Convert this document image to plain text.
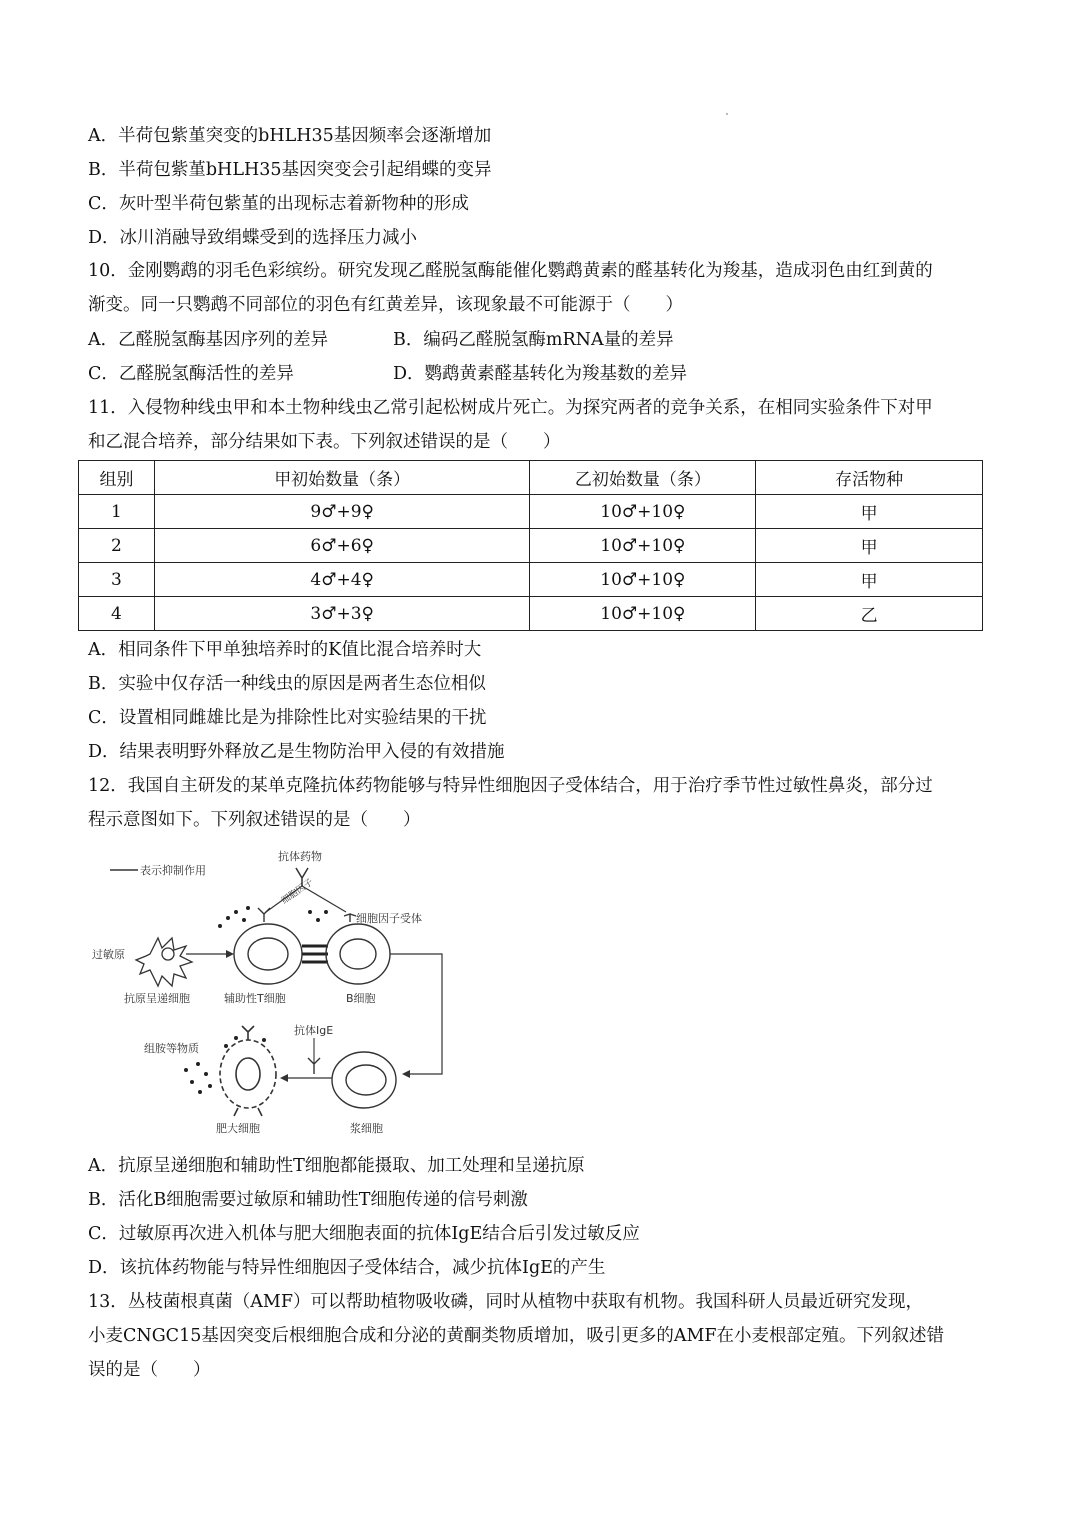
A．半荷包紫堇突变的bHLH35基因频率会逐渐增加
B．半荷包紫堇bHLH35基因突变会引起绢蝶的变异
C．灰叶型半荷包紫堇的出现标志着新物种的形成
D．冰川消融导致绢蝶受到的选择压力减小
10．金刚鹦鹉的羽毛色彩缤纷。研究发现乙醛脱氢酶能催化鹦鹉黄素的醛基转化为羧基，造成羽色由红到黄的
渐变。同一只鹦鹉不同部位的羽色有红黄差异，该现象最不可能源于（　　）
A．乙醛脱氢酶基因序列的差异	B．编码乙醛脱氢酶mRNA量的差异
C．乙醛脱氢酶活性的差异	D．鹦鹉黄素醛基转化为羧基数的差异
11．入侵物种线虫甲和本土物种线虫乙常引起松树成片死亡。为探究两者的竞争关系，在相同实验条件下对甲
和乙混合培养，部分结果如下表。下列叙述错误的是（　　）
组别	甲初始数量（条）	乙初始数量（条）	存活物种
1	9♂+9♀	10♂+10♀	甲
2	6♂+6♀	10♂+10♀	甲
3	4♂+4♀	10♂+10♀	甲
4	3♂+3♀	10♂+10♀	乙
A．相同条件下甲单独培养时的K值比混合培养时大
B．实验中仅存活一种线虫的原因是两者生态位相似
C．设置相同雌雄比是为排除性比对实验结果的干扰
D．结果表明野外释放乙是生物防治甲入侵的有效措施
12．我国自主研发的某单克隆抗体药物能够与特异性细胞因子受体结合，用于治疗季节性过敏性鼻炎，部分过
程示意图如下。下列叙述错误的是（　　）
表示抑制作用
抗体药物
细胞因子
细胞因子受体
过敏原
抗原呈递细胞	辅助性T细胞	B细胞
浆细胞
抗体IgE
组胺等物质
肥大细胞
A．抗原呈递细胞和辅助性T细胞都能摄取、加工处理和呈递抗原
B．活化B细胞需要过敏原和辅助性T细胞传递的信号刺激
C．过敏原再次进入机体与肥大细胞表面的抗体IgE结合后引发过敏反应
D．该抗体药物能与特异性细胞因子受体结合，减少抗体IgE的产生
13．丛枝菌根真菌（AMF）可以帮助植物吸收磷，同时从植物中获取有机物。我国科研人员最近研究发现，
小麦CNGC15基因突变后根细胞合成和分泌的黄酮类物质增加，吸引更多的AMF在小麦根部定殖。下列叙述错
误的是（　　）
